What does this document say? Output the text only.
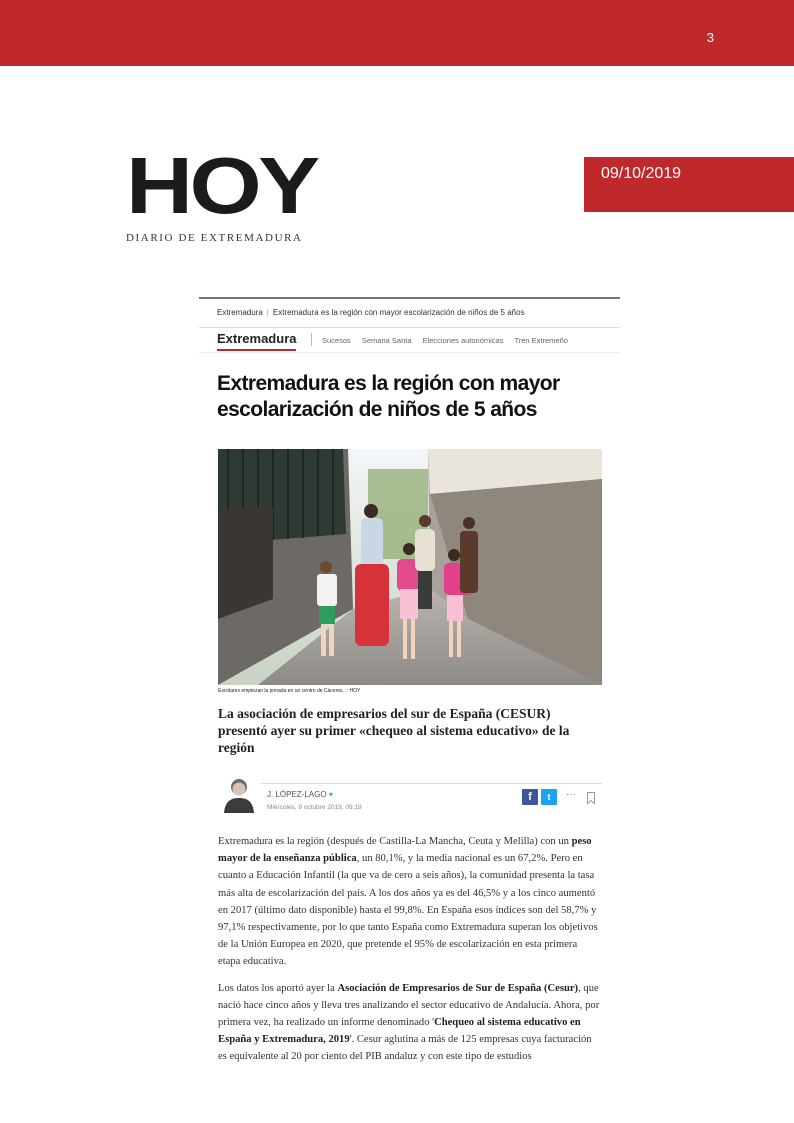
3
HOY
DIARIO DE EXTREMADURA
09/10/2019
Extremadura | Extremadura es la región con mayor escolarización de niños de 5 años
Extremadura	Sucesos Semana Santa Elecciones autonómicas Tren Extremeño
Extremadura es la región con mayor escolarización de niños de 5 años
Escolares empiezan la jornada en un centro de Cáceres. :: HOY
La asociación de empresarios del sur de España (CESUR) presentó ayer su primer «chequeo al sistema educativo» de la región
J. LÓPEZ-LAGO ▾
Miércoles, 9 octubre 2019, 09:19
f	t	···

Extremadura es la región (después de Castilla-La Mancha, Ceuta y Melilla) con un peso mayor de la enseñanza pública, un 80,1%, y la media nacional es un 67,2%. Pero en cuanto a Educación Infantil (la que va de cero a seis años), la comunidad presenta la tasa más alta de escolarización del país. A los dos años ya es del 46,5% y a los cinco aumentó en 2017 (último dato disponible) hasta el 99,8%. En España esos índices son del 58,7% y 97,1% respectivamente, por lo que tanto España como Extremadura superan los objetivos de la Unión Europea en 2020, que pretende el 95% de escolarización en esta primera etapa educativa.

Los datos los aportó ayer la Asociación de Empresarios de Sur de España (Cesur), que nació hace cinco años y lleva tres analizando el sector educativo de Andalucía. Ahora, por primera vez, ha realizado un informe denominado 'Chequeo al sistema educativo en España y Extremadura, 2019'. Cesur aglutina a más de 125 empresas cuya facturación es equivalente al 20 por ciento del PIB andaluz y con este tipo de estudios
